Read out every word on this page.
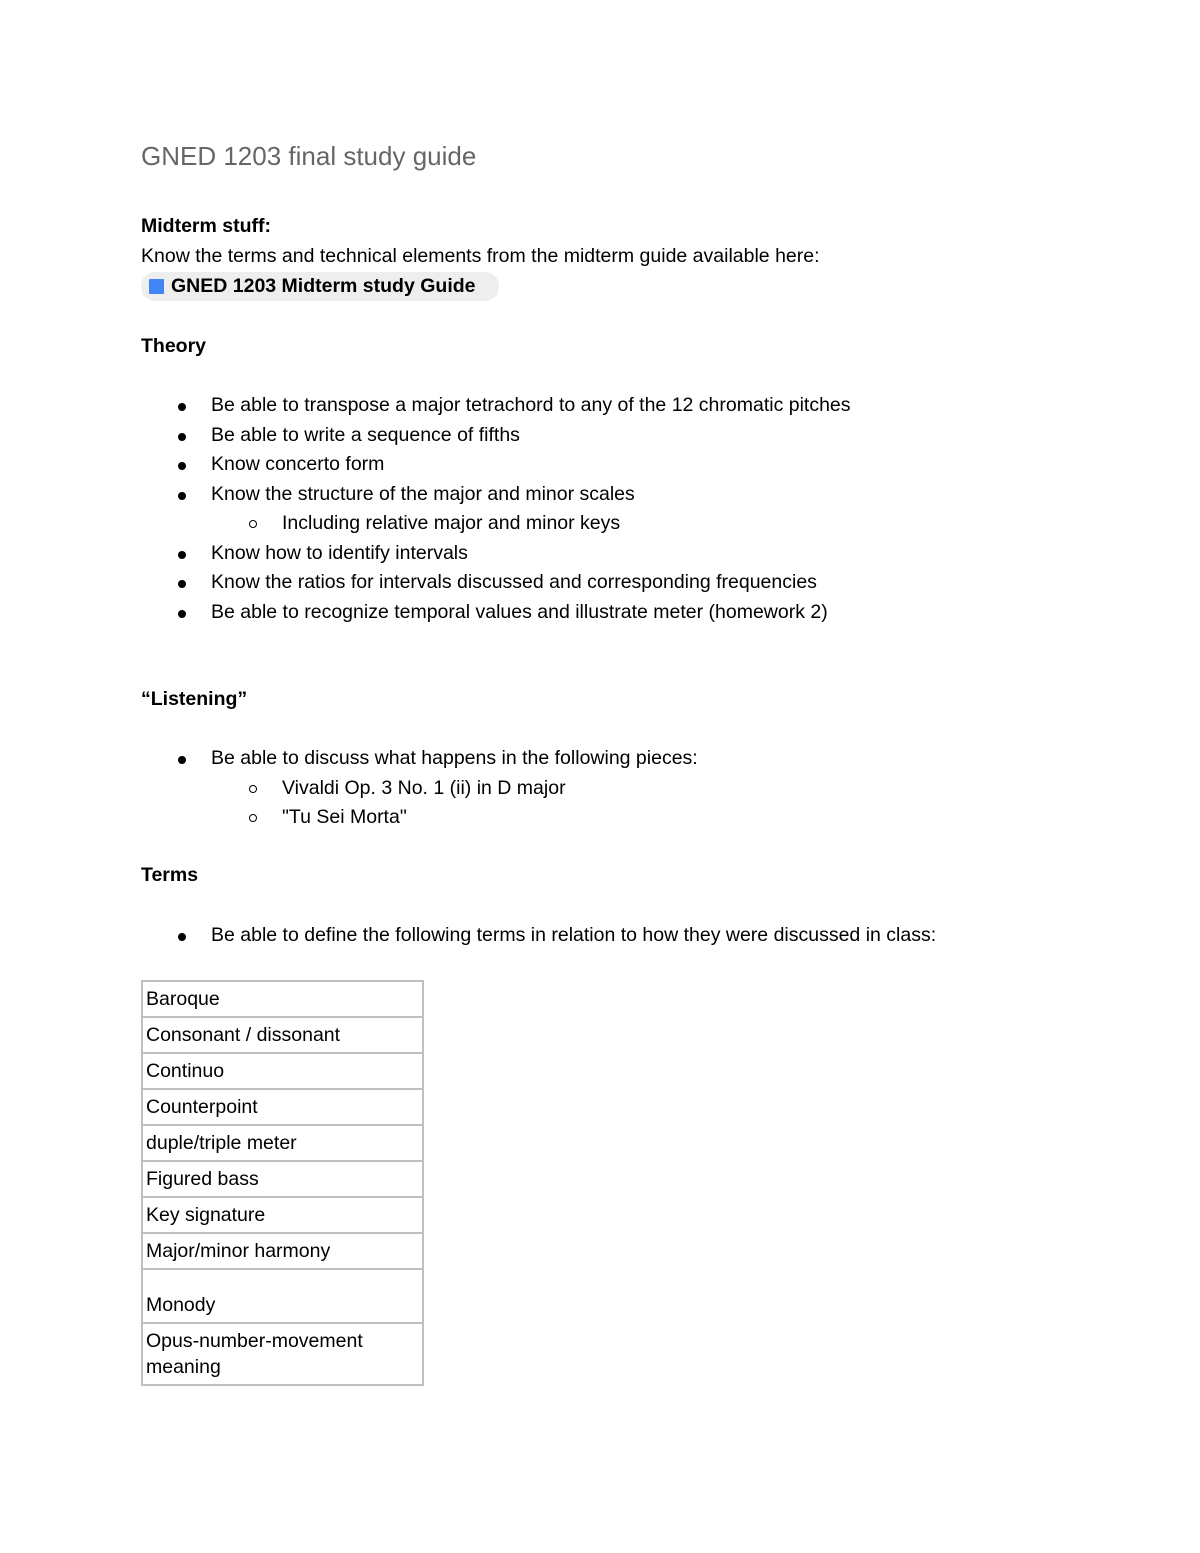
GNED 1203 final study guide
Midterm stuff:
Know the terms and technical elements from the midterm guide available here:
GNED 1203 Midterm study Guide
Theory
Be able to transpose a major tetrachord to any of the 12 chromatic pitches
Be able to write a sequence of fifths
Know concerto form
Know the structure of the major and minor scales
Including relative major and minor keys
Know how to identify intervals
Know the ratios for intervals discussed and corresponding frequencies
Be able to recognize temporal values and illustrate meter (homework 2)
“Listening”
Be able to discuss what happens in the following pieces:
Vivaldi Op. 3 No. 1 (ii) in D major
"Tu Sei Morta"
Terms
Be able to define the following terms in relation to how they were discussed in class:
Baroque
Consonant / dissonant
Continuo
Counterpoint
duple/triple meter
Figured bass
Key signature
Major/minor harmony
Monody
Opus-number-movement meaning
